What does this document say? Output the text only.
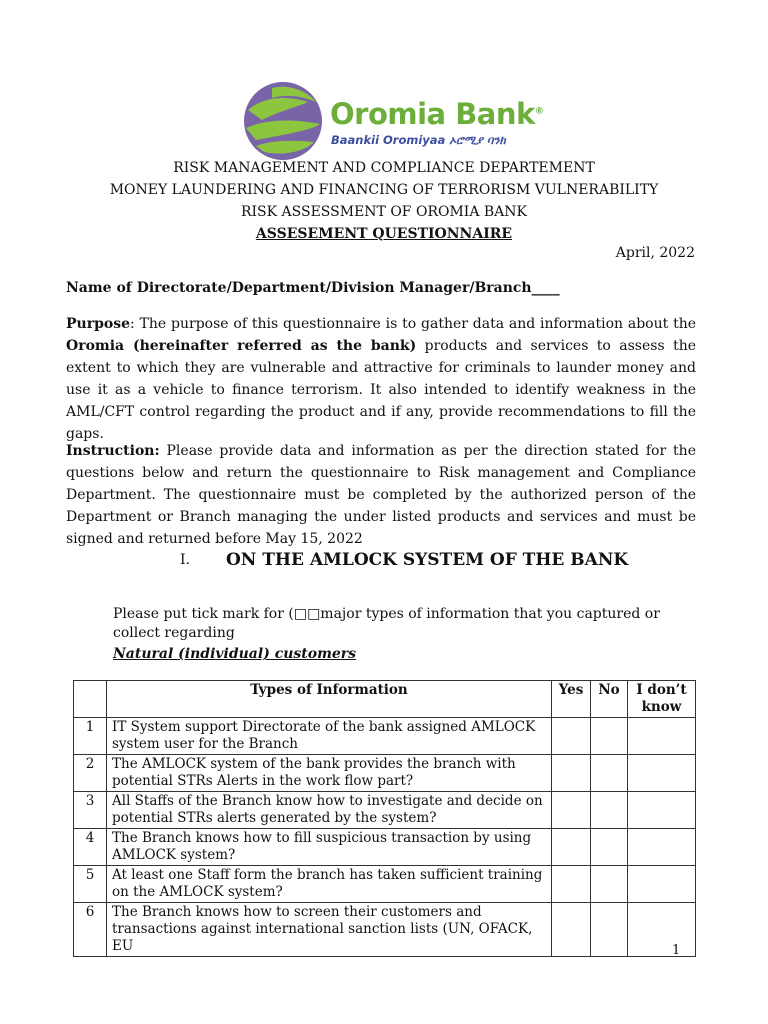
Oromia Bank®
Baankii Oromiyaa ኦሮሚያ ባንክ
RISK MANAGEMENT AND COMPLIANCE DEPARTEMENT
MONEY LAUNDERING AND FINANCING OF TERRORISM VULNERABILITY
RISK ASSESSMENT OF OROMIA BANK
ASSESEMENT QUESTIONNAIRE
April, 2022
Name of Directorate/Department/Division Manager/Branch____
Purpose: The purpose of this questionnaire is to gather data and information about the Oromia (hereinafter referred as the bank) products and services to assess the extent to which they are vulnerable and attractive for criminals to launder money and use it as a vehicle to finance terrorism. It also intended to identify weakness in the AML/CFT control regarding the product and if any, provide recommendations to fill the gaps.
Instruction: Please provide data and information as per the direction stated for the questions below and return the questionnaire to Risk management and Compliance Department. The questionnaire must be completed by the authorized person of the Department or Branch managing the under listed products and services and must be signed and returned before May 15, 2022
I. ON THE AMLOCK SYSTEM OF THE BANK
Please put tick mark for (□□major types of information that you captured or collect regarding
Natural (individual) customers
	Types of Information	Yes	No	I don’t know
1	IT System support Directorate of the bank assigned AMLOCK system user for the Branch			
2	The AMLOCK system of the bank provides the branch with potential STRs Alerts in the work flow part?			
3	All Staffs of the Branch know how to investigate and decide on potential STRs alerts generated by the system?			
4	The Branch knows how to fill suspicious transaction by using AMLOCK system?			
5	At least one Staff form the branch has taken sufficient training on the AMLOCK system?			
6	The Branch knows how to screen their customers and transactions against international sanction lists (UN, OFACK, EU				1
